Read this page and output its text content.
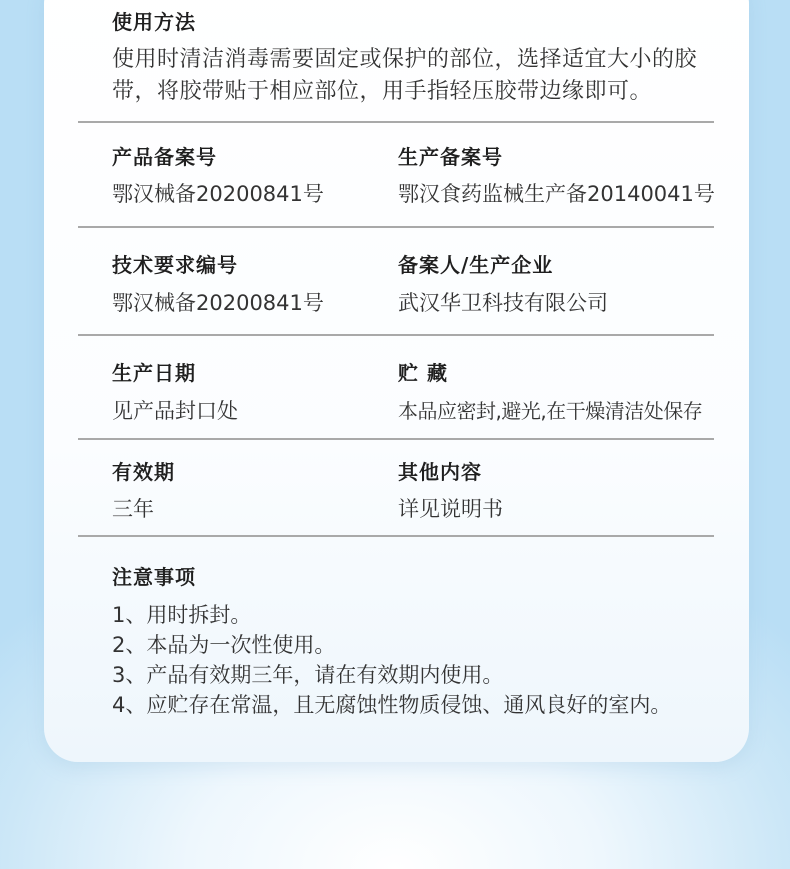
使用方法
使用时清洁消毒需要固定或保护的部位，选择适宜大小的胶带，将胶带贴于相应部位，用手指轻压胶带边缘即可。
产品备案号
鄂汉械备20200841号
生产备案号
鄂汉食药监械生产备20140041号
技术要求编号
鄂汉械备20200841号
备案人/生产企业
武汉华卫科技有限公司
生产日期
见产品封口处
贮 藏
本品应密封,避光,在干燥清洁处保存
有效期
三年
其他内容
详见说明书
注意事项
1、用时拆封。
2、本品为一次性使用。
3、产品有效期三年，请在有效期内使用。
4、应贮存在常温，且无腐蚀性物质侵蚀、通风良好的室内。
